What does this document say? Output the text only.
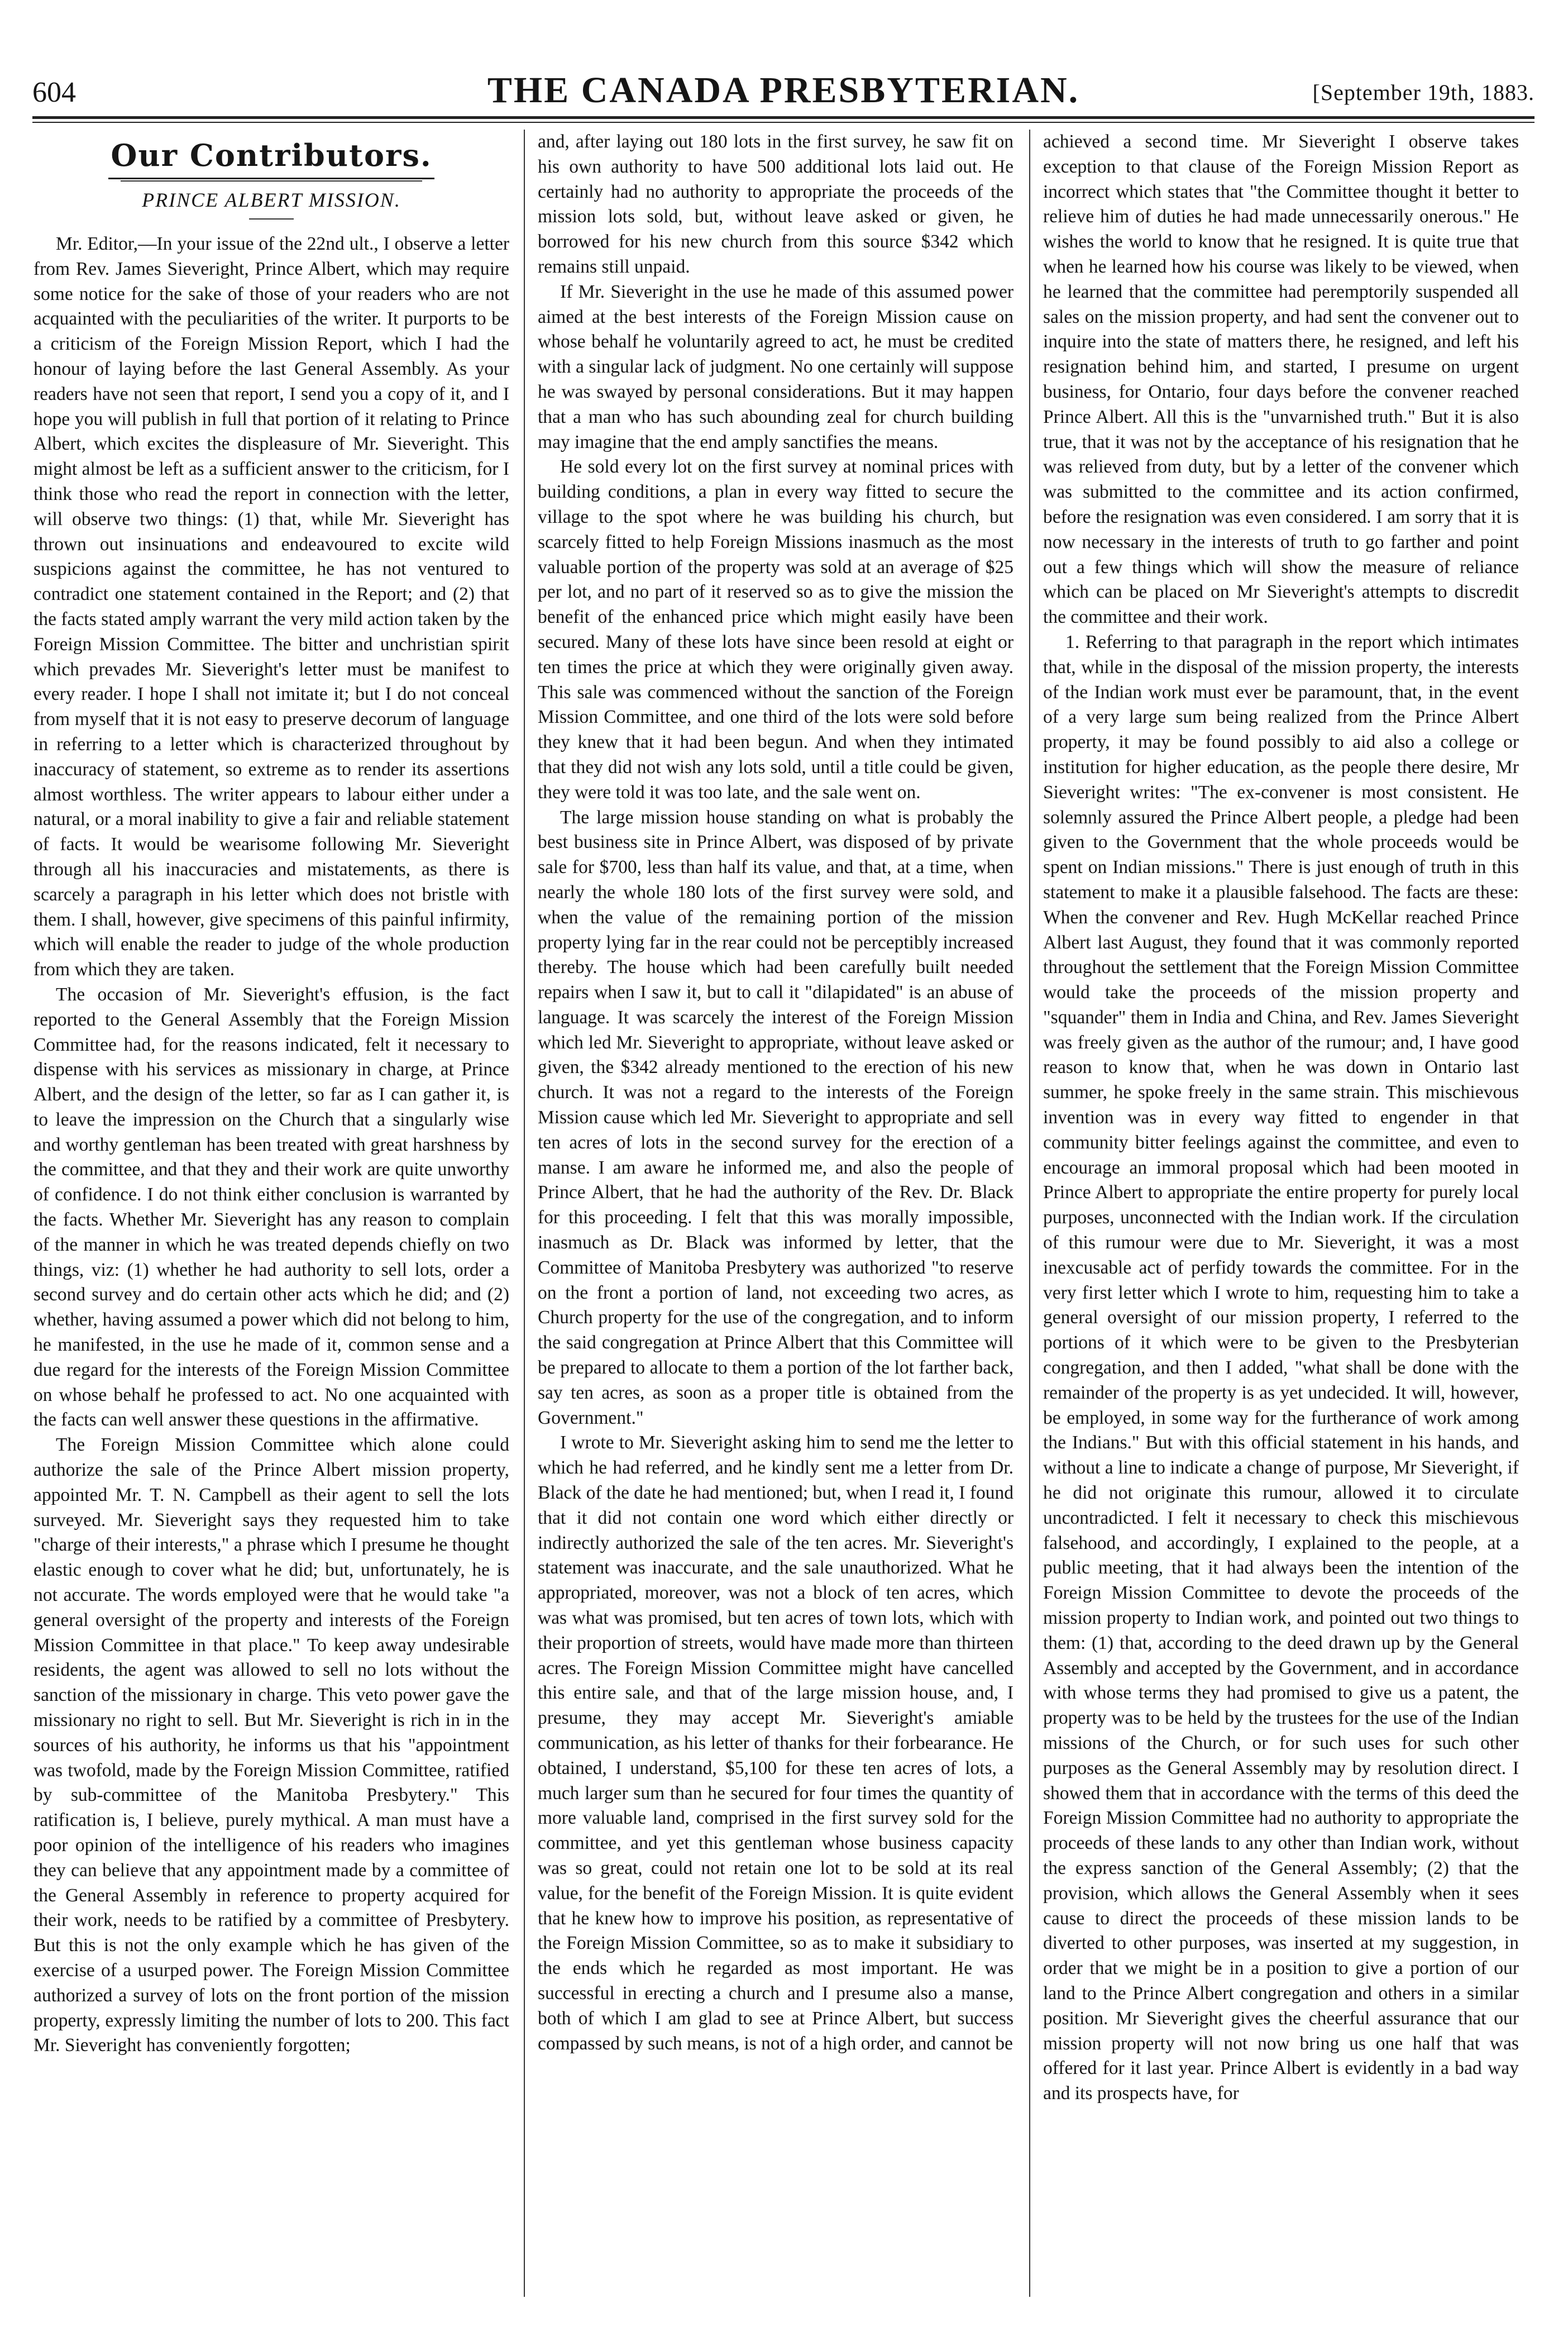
604	THE CANADA PRESBYTERIAN.	[September 19th, 1883.
Our Contributors.
PRINCE ALBERT MISSION.

Mr. Editor,—In your issue of the 22nd ult., I observe a letter from Rev. James Sieveright, Prince Albert, which may require some notice for the sake of those of your readers who are not acquainted with the peculiarities of the writer. It purports to be a criticism of the Foreign Mission Report, which I had the honour of laying before the last General Assembly. As your readers have not seen that report, I send you a copy of it, and I hope you will publish in full that portion of it relating to Prince Albert, which excites the displeasure of Mr. Sieveright. This might almost be left as a sufficient answer to the criticism, for I think those who read the report in connection with the letter, will observe two things: (1) that, while Mr. Sieveright has thrown out insinuations and endeavoured to excite wild suspicions against the committee, he has not ventured to contradict one statement contained in the Report; and (2) that the facts stated amply warrant the very mild action taken by the Foreign Mission Committee. The bitter and unchristian spirit which prevades Mr. Sieveright's letter must be manifest to every reader. I hope I shall not imitate it; but I do not conceal from myself that it is not easy to preserve decorum of language in referring to a letter which is characterized throughout by inaccuracy of statement, so extreme as to render its assertions almost worthless. The writer appears to labour either under a natural, or a moral inability to give a fair and reliable statement of facts. It would be wearisome following Mr. Sieveright through all his inaccuracies and mistatements, as there is scarcely a paragraph in his letter which does not bristle with them. I shall, however, give specimens of this painful infirmity, which will enable the reader to judge of the whole production from which they are taken.

The occasion of Mr. Sieveright's effusion, is the fact reported to the General Assembly that the Foreign Mission Committee had, for the reasons indicated, felt it necessary to dispense with his services as missionary in charge, at Prince Albert, and the design of the letter, so far as I can gather it, is to leave the impression on the Church that a singularly wise and worthy gentleman has been treated with great harshness by the committee, and that they and their work are quite unworthy of confidence. I do not think either conclusion is warranted by the facts. Whether Mr. Sieveright has any reason to complain of the manner in which he was treated depends chiefly on two things, viz: (1) whether he had authority to sell lots, order a second survey and do certain other acts which he did; and (2) whether, having assumed a power which did not belong to him, he manifested, in the use he made of it, common sense and a due regard for the interests of the Foreign Mission Committee on whose behalf he professed to act. No one acquainted with the facts can well answer these questions in the affirmative.

The Foreign Mission Committee which alone could authorize the sale of the Prince Albert mission property, appointed Mr. T. N. Campbell as their agent to sell the lots surveyed. Mr. Sieveright says they requested him to take "charge of their interests," a phrase which I presume he thought elastic enough to cover what he did; but, unfortunately, he is not accurate. The words employed were that he would take "a general oversight of the property and interests of the Foreign Mission Committee in that place." To keep away undesirable residents, the agent was allowed to sell no lots without the sanction of the missionary in charge. This veto power gave the missionary no right to sell. But Mr. Sieveright is rich in in the sources of his authority, he informs us that his "appointment was twofold, made by the Foreign Mission Committee, ratified by sub-committee of the Manitoba Presbytery." This ratification is, I believe, purely mythical. A man must have a poor opinion of the intelligence of his readers who imagines they can believe that any appointment made by a committee of the General Assembly in reference to property acquired for their work, needs to be ratified by a committee of Presbytery. But this is not the only example which he has given of the exercise of a usurped power. The Foreign Mission Committee authorized a survey of lots on the front portion of the mission property, expressly limiting the number of lots to 200. This fact Mr. Sieveright has conveniently forgotten;

and, after laying out 180 lots in the first survey, he saw fit on his own authority to have 500 additional lots laid out. He certainly had no authority to appropriate the proceeds of the mission lots sold, but, without leave asked or given, he borrowed for his new church from this source $342 which remains still unpaid.

If Mr. Sieveright in the use he made of this assumed power aimed at the best interests of the Foreign Mission cause on whose behalf he voluntarily agreed to act, he must be credited with a singular lack of judgment. No one certainly will suppose he was swayed by personal considerations. But it may happen that a man who has such abounding zeal for church building may imagine that the end amply sanctifies the means.

He sold every lot on the first survey at nominal prices with building conditions, a plan in every way fitted to secure the village to the spot where he was building his church, but scarcely fitted to help Foreign Missions inasmuch as the most valuable portion of the property was sold at an average of $25 per lot, and no part of it reserved so as to give the mission the benefit of the enhanced price which might easily have been secured. Many of these lots have since been resold at eight or ten times the price at which they were originally given away. This sale was commenced without the sanction of the Foreign Mission Committee, and one third of the lots were sold before they knew that it had been begun. And when they intimated that they did not wish any lots sold, until a title could be given, they were told it was too late, and the sale went on.

The large mission house standing on what is probably the best business site in Prince Albert, was disposed of by private sale for $700, less than half its value, and that, at a time, when nearly the whole 180 lots of the first survey were sold, and when the value of the remaining portion of the mission property lying far in the rear could not be perceptibly increased thereby. The house which had been carefully built needed repairs when I saw it, but to call it "dilapidated" is an abuse of language. It was scarcely the interest of the Foreign Mission which led Mr. Sieveright to appropriate, without leave asked or given, the $342 already mentioned to the erection of his new church. It was not a regard to the interests of the Foreign Mission cause which led Mr. Sieveright to appropriate and sell ten acres of lots in the second survey for the erection of a manse. I am aware he informed me, and also the people of Prince Albert, that he had the authority of the Rev. Dr. Black for this proceeding. I felt that this was morally impossible, inasmuch as Dr. Black was informed by letter, that the Committee of Manitoba Presbytery was authorized "to reserve on the front a portion of land, not exceeding two acres, as Church property for the use of the congregation, and to inform the said congregation at Prince Albert that this Committee will be prepared to allocate to them a portion of the lot farther back, say ten acres, as soon as a proper title is obtained from the Government."

I wrote to Mr. Sieveright asking him to send me the letter to which he had referred, and he kindly sent me a letter from Dr. Black of the date he had mentioned; but, when I read it, I found that it did not contain one word which either directly or indirectly authorized the sale of the ten acres. Mr. Sieveright's statement was inaccurate, and the sale unauthorized. What he appropriated, moreover, was not a block of ten acres, which was what was promised, but ten acres of town lots, which with their proportion of streets, would have made more than thirteen acres. The Foreign Mission Committee might have cancelled this entire sale, and that of the large mission house, and, I presume, they may accept Mr. Sieveright's amiable communication, as his letter of thanks for their forbearance. He obtained, I understand, $5,100 for these ten acres of lots, a much larger sum than he secured for four times the quantity of more valuable land, comprised in the first survey sold for the committee, and yet this gentleman whose business capacity was so great, could not retain one lot to be sold at its real value, for the benefit of the Foreign Mission. It is quite evident that he knew how to improve his position, as representative of the Foreign Mission Committee, so as to make it subsidiary to the ends which he regarded as most important. He was successful in erecting a church and I presume also a manse, both of which I am glad to see at Prince Albert, but success compassed by such means, is not of a high order, and cannot be

achieved a second time. Mr Sieveright I observe takes exception to that clause of the Foreign Mission Report as incorrect which states that "the Committee thought it better to relieve him of duties he had made unnecessarily onerous." He wishes the world to know that he resigned. It is quite true that when he learned how his course was likely to be viewed, when he learned that the committee had peremptorily suspended all sales on the mission property, and had sent the convener out to inquire into the state of matters there, he resigned, and left his resignation behind him, and started, I presume on urgent business, for Ontario, four days before the convener reached Prince Albert. All this is the "unvarnished truth." But it is also true, that it was not by the acceptance of his resignation that he was relieved from duty, but by a letter of the convener which was submitted to the committee and its action confirmed, before the resignation was even considered. I am sorry that it is now necessary in the interests of truth to go farther and point out a few things which will show the measure of reliance which can be placed on Mr Sieveright's attempts to discredit the committee and their work.

1. Referring to that paragraph in the report which intimates that, while in the disposal of the mission property, the interests of the Indian work must ever be paramount, that, in the event of a very large sum being realized from the Prince Albert property, it may be found possibly to aid also a college or institution for higher education, as the people there desire, Mr Sieveright writes: "The ex-convener is most consistent. He solemnly assured the Prince Albert people, a pledge had been given to the Government that the whole proceeds would be spent on Indian missions." There is just enough of truth in this statement to make it a plausible falsehood. The facts are these: When the convener and Rev. Hugh McKellar reached Prince Albert last August, they found that it was commonly reported throughout the settlement that the Foreign Mission Committee would take the proceeds of the mission property and "squander" them in India and China, and Rev. James Sieveright was freely given as the author of the rumour; and, I have good reason to know that, when he was down in Ontario last summer, he spoke freely in the same strain. This mischievous invention was in every way fitted to engender in that community bitter feelings against the committee, and even to encourage an immoral proposal which had been mooted in Prince Albert to appropriate the entire property for purely local purposes, unconnected with the Indian work. If the circulation of this rumour were due to Mr. Sieveright, it was a most inexcusable act of perfidy towards the committee. For in the very first letter which I wrote to him, requesting him to take a general oversight of our mission property, I referred to the portions of it which were to be given to the Presbyterian congregation, and then I added, "what shall be done with the remainder of the property is as yet undecided. It will, however, be employed, in some way for the furtherance of work among the Indians." But with this official statement in his hands, and without a line to indicate a change of purpose, Mr Sieveright, if he did not originate this rumour, allowed it to circulate uncontradicted. I felt it necessary to check this mischievous falsehood, and accordingly, I explained to the people, at a public meeting, that it had always been the intention of the Foreign Mission Committee to devote the proceeds of the mission property to Indian work, and pointed out two things to them: (1) that, according to the deed drawn up by the General Assembly and accepted by the Government, and in accordance with whose terms they had promised to give us a patent, the property was to be held by the trustees for the use of the Indian missions of the Church, or for such uses for such other purposes as the General Assembly may by resolution direct. I showed them that in accordance with the terms of this deed the Foreign Mission Committee had no authority to appropriate the proceeds of these lands to any other than Indian work, without the express sanction of the General Assembly; (2) that the provision, which allows the General Assembly when it sees cause to direct the proceeds of these mission lands to be diverted to other purposes, was inserted at my suggestion, in order that we might be in a position to give a portion of our land to the Prince Albert congregation and others in a similar position. Mr Sieveright gives the cheerful assurance that our mission property will not now bring us one half that was offered for it last year. Prince Albert is evidently in a bad way and its prospects have, for
